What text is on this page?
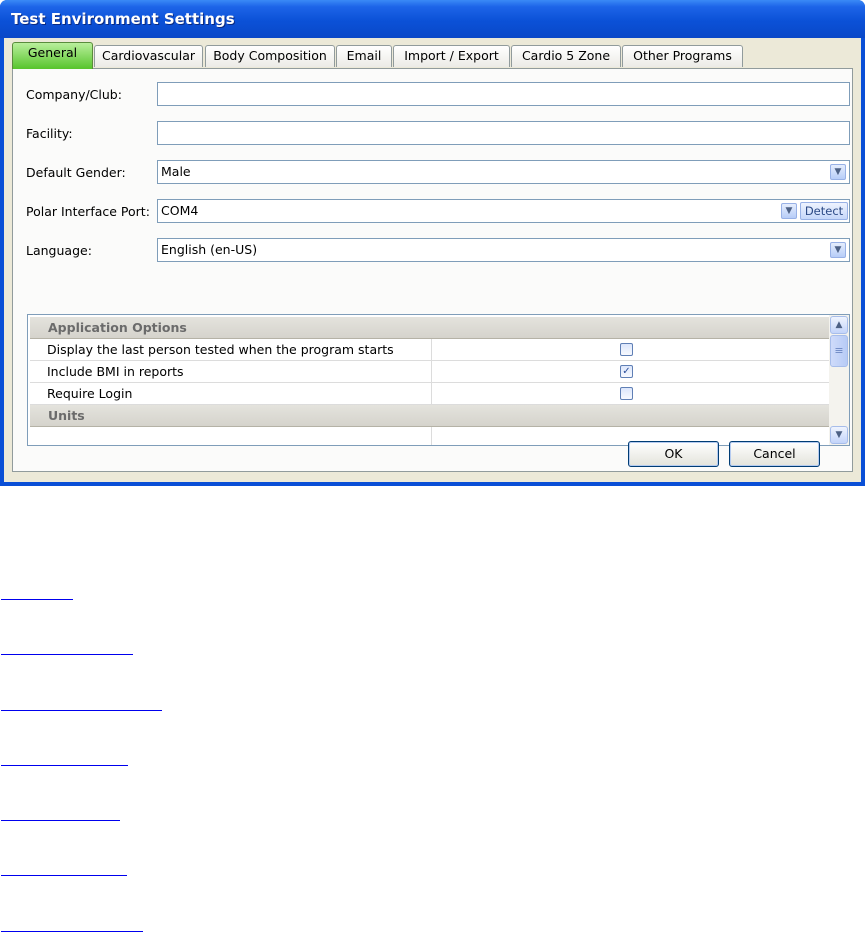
Test Environment Settings
General	Cardiovascular	Body Composition	Email	Import / Export	Cardio 5 Zone	Other Programs
Company/Club:
Facility:
Default Gender:	Male	▼
Polar Interface Port: COM4	▼	Detect
Language:	English (en-US)	▼
Application Options
Display the last person tested when the program starts
Include BMI in reports	✓
Require Login
Units
▲
≡
▼
OK	Cancel
